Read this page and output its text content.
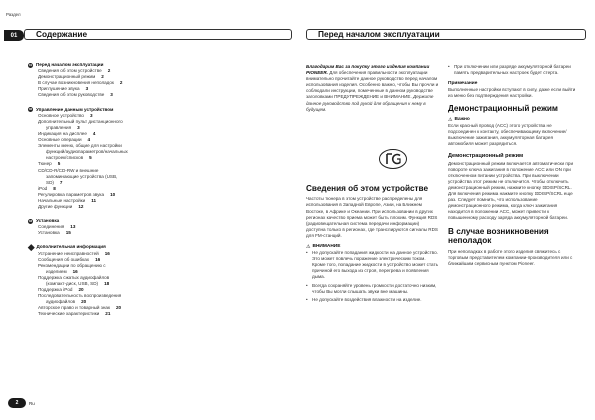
Раздел
01	Содержание	Перед началом эксплуатации
01 Перед началом эксплуатации
Сведения об этом устройстве 2
Демонстрационный режим 2
В случае возникновения неполадок 2
Приглушение звука 3
Сведения об этом руководстве 3
02 Управление данным устройством
Основное устройство 3
Дополнительный пульт дистанционного
управления 3
Индикация на дисплее 4
Основные операции 4
Элементы меню, общие для настройки
функций/аудиопараметров/начальных
настроек/списков 5
Тюнер 5
CD/CD-R/CD-RW и внешние
запоминающие устройства (USB,
SD) 7
iPod 8
Регулировка параметров звука 10
Начальные настройки 11
Другие функции 12
03 Установка
Соединения 13
Установка 15
Дополнительная информация
Устранение неисправностей 16
Сообщения об ошибках 16
Рекомендации по обращению с
изделием 16
Поддержка сжатых аудиофайлов
(компакт-диск, USB, SD) 18
Поддержка iPod 20
Последовательность воспроизведения
аудиофайлов 20
Авторское право и товарный знак 20
Технические характеристики 21
Благодарим Вас за покупку этого изделия компании PIONEER. Для обеспечения правильности эксплуатации внимательно прочитайте данное руководство перед началом использования изделия. Особенно важно, чтобы Вы прочли и соблюдали инструкции, помеченные в данном руководстве заголовками ПРЕДУПРЕЖДЕНИЕ и ВНИМАНИЕ. Держите данное руководство под рукой для обращения к нему в будущем.
Сведения об этом устройстве
Частоты тюнера в этом устройстве распределены для использования в Западной Европе, Азии, на Ближнем Востоке, в Африке и Океании. При использовании в других регионах качество приема может быть плохим. Функция RDS (радиовещательная система передачи информации) доступна только в регионах, где транслируются сигналы RDS для FM-станций.
⚠ ВНИМАНИЕ
• Не допускайте попадания жидкости на данное устройство. Это может повлечь поражение электрическим током. Кроме того, попадание жидкости в устройство может стать причиной его выхода из строя, перегрева и появления дыма.
• Всегда сохраняйте уровень громкости достаточно низким, чтобы Вы могли слышать звуки вне машины.
• Не допускайте воздействия влажности на изделие.
• При отключении или разряде аккумуляторной батареи память предварительных настроек будет стерта.
Примечание
Выполненные настройки вступают в силу, даже если выйти из меню без подтверждения настройки.
Демонстрационный режим
⚠ Важно
Если красный провод (ACC) этого устройства не подсоединен к контакту, обеспечивающему включение/выключение зажигания, аккумуляторная батарея автомобиля может разрядиться.
Демонстрационный режим
Демонстрационный режим включается автоматически при повороте ключа зажигания в положение ACC или ON при отключенном питании устройства. При выключении устройства этот режим не отключится. Чтобы отключить демонстрационный режим, нажмите кнопку ⊡DISP/SCRL. Для включения режима нажмите кнопку ⊡DISP/SCRL еще раз. Следует помнить, что использование демонстрационного режима, когда ключ зажигания находится в положении ACC, может привести к повышенному расходу заряда аккумуляторной батареи.
В случае возникновения неполадок
При неполадках в работе этого изделия свяжитесь с торговым представителем компании-производителя или с ближайшим сервисным пунктом Pioneer.
2	Ru
